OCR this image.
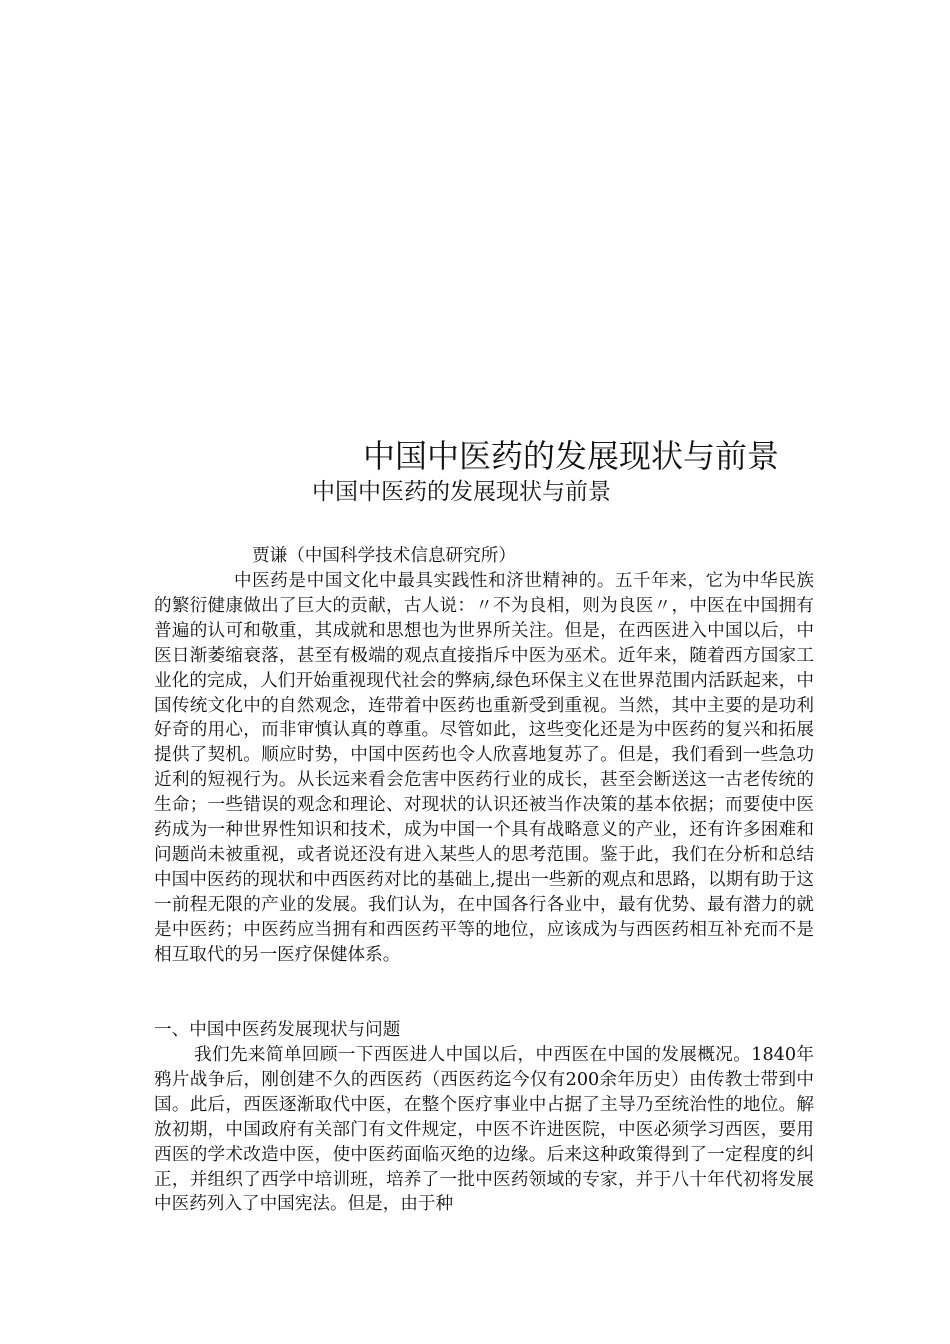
中国中医药的发展现状与前景
中国中医药的发展现状与前景
贾谦（中国科学技术信息研究所）
中医药是中国文化中最具实践性和济世精神的。五千年来，它为中华民族的繁衍健康做出了巨大的贡献，古人说：〃不为良相，则为良医〃，中医在中国拥有普遍的认可和敬重，其成就和思想也为世界所关注。但是，在西医进入中国以后，中医日渐萎缩衰落，甚至有极端的观点直接指斥中医为巫术。近年来，随着西方国家工业化的完成，人们开始重视现代社会的弊病,绿色环保主义在世界范围内活跃起来，中国传统文化中的自然观念，连带着中医药也重新受到重视。当然，其中主要的是功利好奇的用心，而非审慎认真的尊重。尽管如此，这些变化还是为中医药的复兴和拓展提供了契机。顺应时势，中国中医药也令人欣喜地复苏了。但是，我们看到一些急功近利的短视行为。从长远来看会危害中医药行业的成长，甚至会断送这一古老传统的生命；一些错误的观念和理论、对现状的认识还被当作决策的基本依据；而要使中医药成为一种世界性知识和技术，成为中国一个具有战略意义的产业，还有许多困难和问题尚未被重视，或者说还没有进入某些人的思考范围。鉴于此，我们在分析和总结中国中医药的现状和中西医药对比的基础上,提出一些新的观点和思路，以期有助于这一前程无限的产业的发展。我们认为，在中国各行各业中，最有优势、最有潜力的就是中医药；中医药应当拥有和西医药平等的地位，应该成为与西医药相互补充而不是相互取代的另一医疗保健体系。
一、中国中医药发展现状与问题
我们先来简单回顾一下西医进人中国以后，中西医在中国的发展概况。1840年鸦片战争后，刚创建不久的西医药（西医药迄今仅有200余年历史）由传教士带到中国。此后，西医逐渐取代中医，在整个医疗事业中占据了主导乃至统治性的地位。解放初期，中国政府有关部门有文件规定，中医不许进医院，中医必须学习西医，要用西医的学术改造中医，使中医药面临灭绝的边缘。后来这种政策得到了一定程度的纠正，并组织了西学中培训班，培养了一批中医药领域的专家，并于八十年代初将发展中医药列入了中国宪法。但是，由于种
